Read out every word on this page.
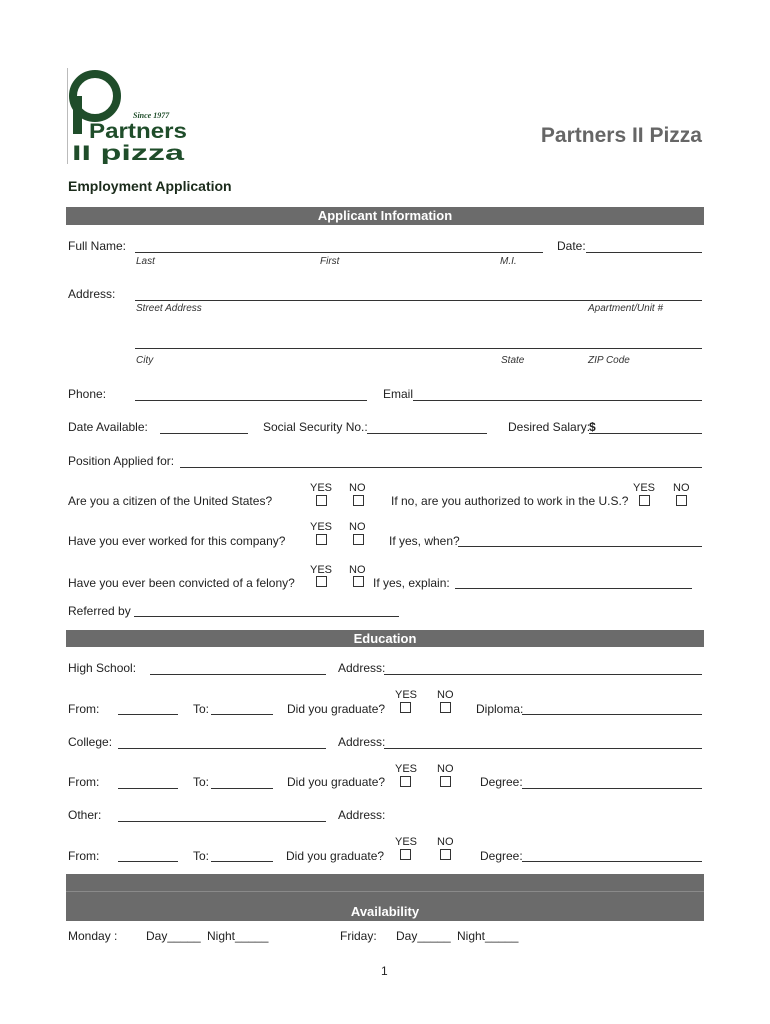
Since 1977
Partners
II pizza
Partners II Pizza
Employment Application
Applicant Information
Full Name:	Date:
Last	First	M.I.
Address:
Street Address	Apartment/Unit #
City	State	ZIP Code
Phone:	Email
Date Available:	Social Security No.:	Desired Salary:
$
Position Applied for:
YES NO
Are you a citizen of the United States?	If no, are you authorized to work in the U.S.?
YES NO
YES NO
Have you ever worked for this company?	If yes, when?
YES NO
Have you ever been convicted of a felony?	If yes, explain:
Referred by
Education
High School:	Address:
YES NO
From:	To:	Did you graduate?	Diploma:
College:	Address:
YES NO
From:	To:	Did you graduate?	Degree:
Other:	Address:
YES NO
From:	To:	Did you graduate?	Degree:
Availability
Monday : Day_____ Night_____	Friday: Day_____ Night_____
1
